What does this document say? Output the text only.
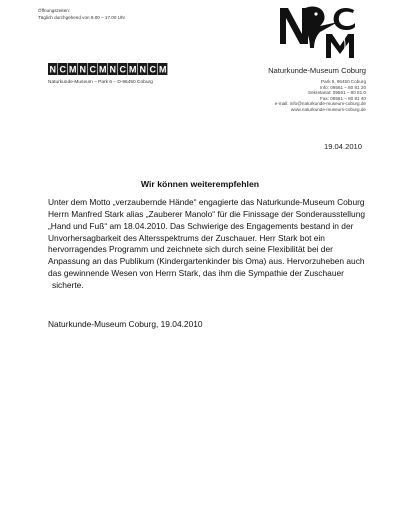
Öffnungszeiten:
Täglich durchgehend von 9.00 – 17.00 Uhr
N C M N C M N C M N C M
Naturkunde-Museum – Park 6 – D-96450 Coburg
Naturkunde-Museum Coburg
Park 6, 96450 Coburg
Info: 09561 – 80 81 20
Sekretariat: 09561 – 80 81 0
Fax: 09561 – 80 81 40
e-mail: info@naturkunde-museum-coburg.de
www.naturkunde-museum-coburg.de
19.04.2010
Wir können weiterempfehlen
Unter dem Motto „verzaubernde Hände“ engagierte das Naturkunde-Museum Coburg
Herrn Manfred Stark alias „Zauberer Manolo“ für die Finissage der Sonderausstellung
„Hand und Fuß“ am 18.04.2010. Das Schwierige des Engagements bestand in der
Unvorhersagbarkeit des Altersspektrums der Zuschauer. Herr Stark bot ein
hervorragendes Programm und zeichnete sich durch seine Flexibilität bei der
Anpassung an das Publikum (Kindergartenkinder bis Oma) aus. Hervorzuheben auch
das gewinnende Wesen von Herrn Stark, das ihm die Sympathie der Zuschauer
sicherte.
Naturkunde-Museum Coburg, 19.04.2010
